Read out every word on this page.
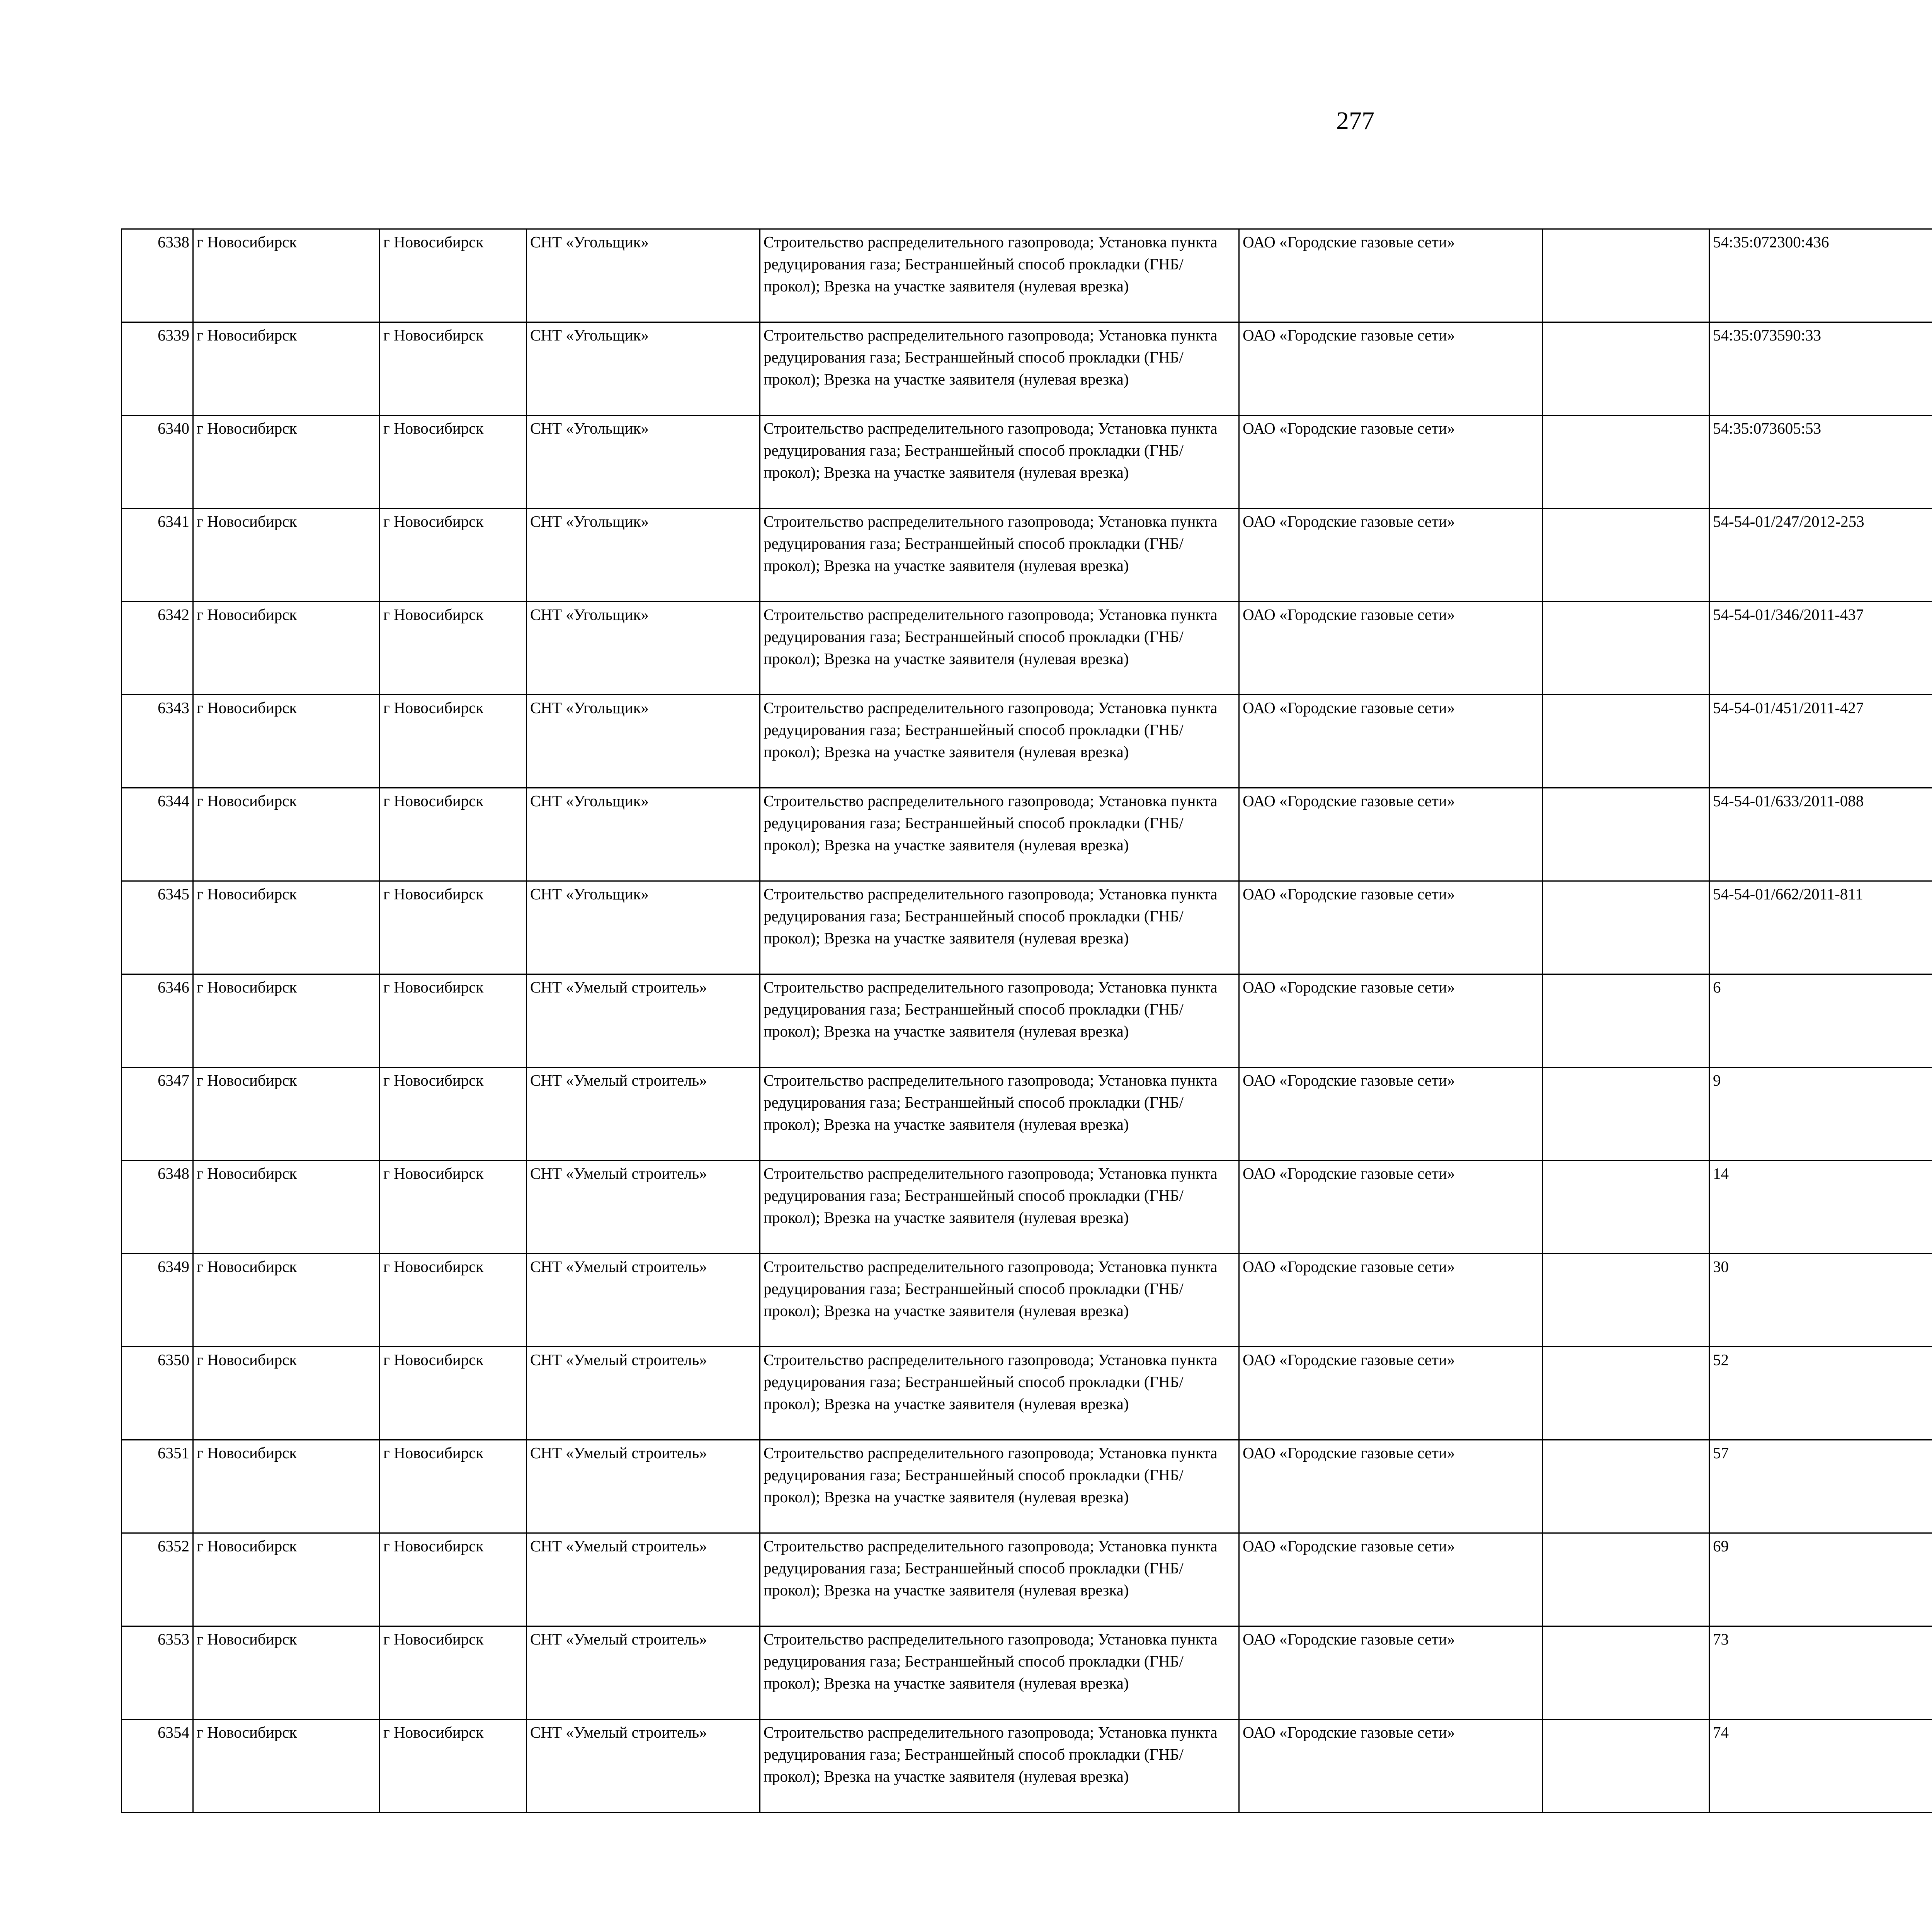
277
6338	г Новосибирск	г Новосибирск	СНТ «Угольщик»	Строительство распределительного газопровода; Установка пункта редуцирования газа; Бестраншейный способ прокладки (ГНБ/прокол); Врезка на участке заявителя (нулевая врезка)	ОАО «Городские газовые сети»		54:35:072300:436					
6339	г Новосибирск	г Новосибирск	СНТ «Угольщик»	Строительство распределительного газопровода; Установка пункта редуцирования газа; Бестраншейный способ прокладки (ГНБ/прокол); Врезка на участке заявителя (нулевая врезка)	ОАО «Городские газовые сети»		54:35:073590:33					
6340	г Новосибирск	г Новосибирск	СНТ «Угольщик»	Строительство распределительного газопровода; Установка пункта редуцирования газа; Бестраншейный способ прокладки (ГНБ/прокол); Врезка на участке заявителя (нулевая врезка)	ОАО «Городские газовые сети»		54:35:073605:53					
6341	г Новосибирск	г Новосибирск	СНТ «Угольщик»	Строительство распределительного газопровода; Установка пункта редуцирования газа; Бестраншейный способ прокладки (ГНБ/прокол); Врезка на участке заявителя (нулевая врезка)	ОАО «Городские газовые сети»		54-54-01/247/2012-253					
6342	г Новосибирск	г Новосибирск	СНТ «Угольщик»	Строительство распределительного газопровода; Установка пункта редуцирования газа; Бестраншейный способ прокладки (ГНБ/прокол); Врезка на участке заявителя (нулевая врезка)	ОАО «Городские газовые сети»		54-54-01/346/2011-437					
6343	г Новосибирск	г Новосибирск	СНТ «Угольщик»	Строительство распределительного газопровода; Установка пункта редуцирования газа; Бестраншейный способ прокладки (ГНБ/прокол); Врезка на участке заявителя (нулевая врезка)	ОАО «Городские газовые сети»		54-54-01/451/2011-427					
6344	г Новосибирск	г Новосибирск	СНТ «Угольщик»	Строительство распределительного газопровода; Установка пункта редуцирования газа; Бестраншейный способ прокладки (ГНБ/прокол); Врезка на участке заявителя (нулевая врезка)	ОАО «Городские газовые сети»		54-54-01/633/2011-088					
6345	г Новосибирск	г Новосибирск	СНТ «Угольщик»	Строительство распределительного газопровода; Установка пункта редуцирования газа; Бестраншейный способ прокладки (ГНБ/прокол); Врезка на участке заявителя (нулевая врезка)	ОАО «Городские газовые сети»		54-54-01/662/2011-811					
6346	г Новосибирск	г Новосибирск	СНТ «Умелый строитель»	Строительство распределительного газопровода; Установка пункта редуцирования газа; Бестраншейный способ прокладки (ГНБ/прокол); Врезка на участке заявителя (нулевая врезка)	ОАО «Городские газовые сети»		6					
6347	г Новосибирск	г Новосибирск	СНТ «Умелый строитель»	Строительство распределительного газопровода; Установка пункта редуцирования газа; Бестраншейный способ прокладки (ГНБ/прокол); Врезка на участке заявителя (нулевая врезка)	ОАО «Городские газовые сети»		9					
6348	г Новосибирск	г Новосибирск	СНТ «Умелый строитель»	Строительство распределительного газопровода; Установка пункта редуцирования газа; Бестраншейный способ прокладки (ГНБ/прокол); Врезка на участке заявителя (нулевая врезка)	ОАО «Городские газовые сети»		14					
6349	г Новосибирск	г Новосибирск	СНТ «Умелый строитель»	Строительство распределительного газопровода; Установка пункта редуцирования газа; Бестраншейный способ прокладки (ГНБ/прокол); Врезка на участке заявителя (нулевая врезка)	ОАО «Городские газовые сети»		30					
6350	г Новосибирск	г Новосибирск	СНТ «Умелый строитель»	Строительство распределительного газопровода; Установка пункта редуцирования газа; Бестраншейный способ прокладки (ГНБ/прокол); Врезка на участке заявителя (нулевая врезка)	ОАО «Городские газовые сети»		52					
6351	г Новосибирск	г Новосибирск	СНТ «Умелый строитель»	Строительство распределительного газопровода; Установка пункта редуцирования газа; Бестраншейный способ прокладки (ГНБ/прокол); Врезка на участке заявителя (нулевая врезка)	ОАО «Городские газовые сети»		57					
6352	г Новосибирск	г Новосибирск	СНТ «Умелый строитель»	Строительство распределительного газопровода; Установка пункта редуцирования газа; Бестраншейный способ прокладки (ГНБ/прокол); Врезка на участке заявителя (нулевая врезка)	ОАО «Городские газовые сети»		69					
6353	г Новосибирск	г Новосибирск	СНТ «Умелый строитель»	Строительство распределительного газопровода; Установка пункта редуцирования газа; Бестраншейный способ прокладки (ГНБ/прокол); Врезка на участке заявителя (нулевая врезка)	ОАО «Городские газовые сети»		73					
6354	г Новосибирск	г Новосибирск	СНТ «Умелый строитель»	Строительство распределительного газопровода; Установка пункта редуцирования газа; Бестраншейный способ прокладки (ГНБ/прокол); Врезка на участке заявителя (нулевая врезка)	ОАО «Городские газовые сети»		74					
